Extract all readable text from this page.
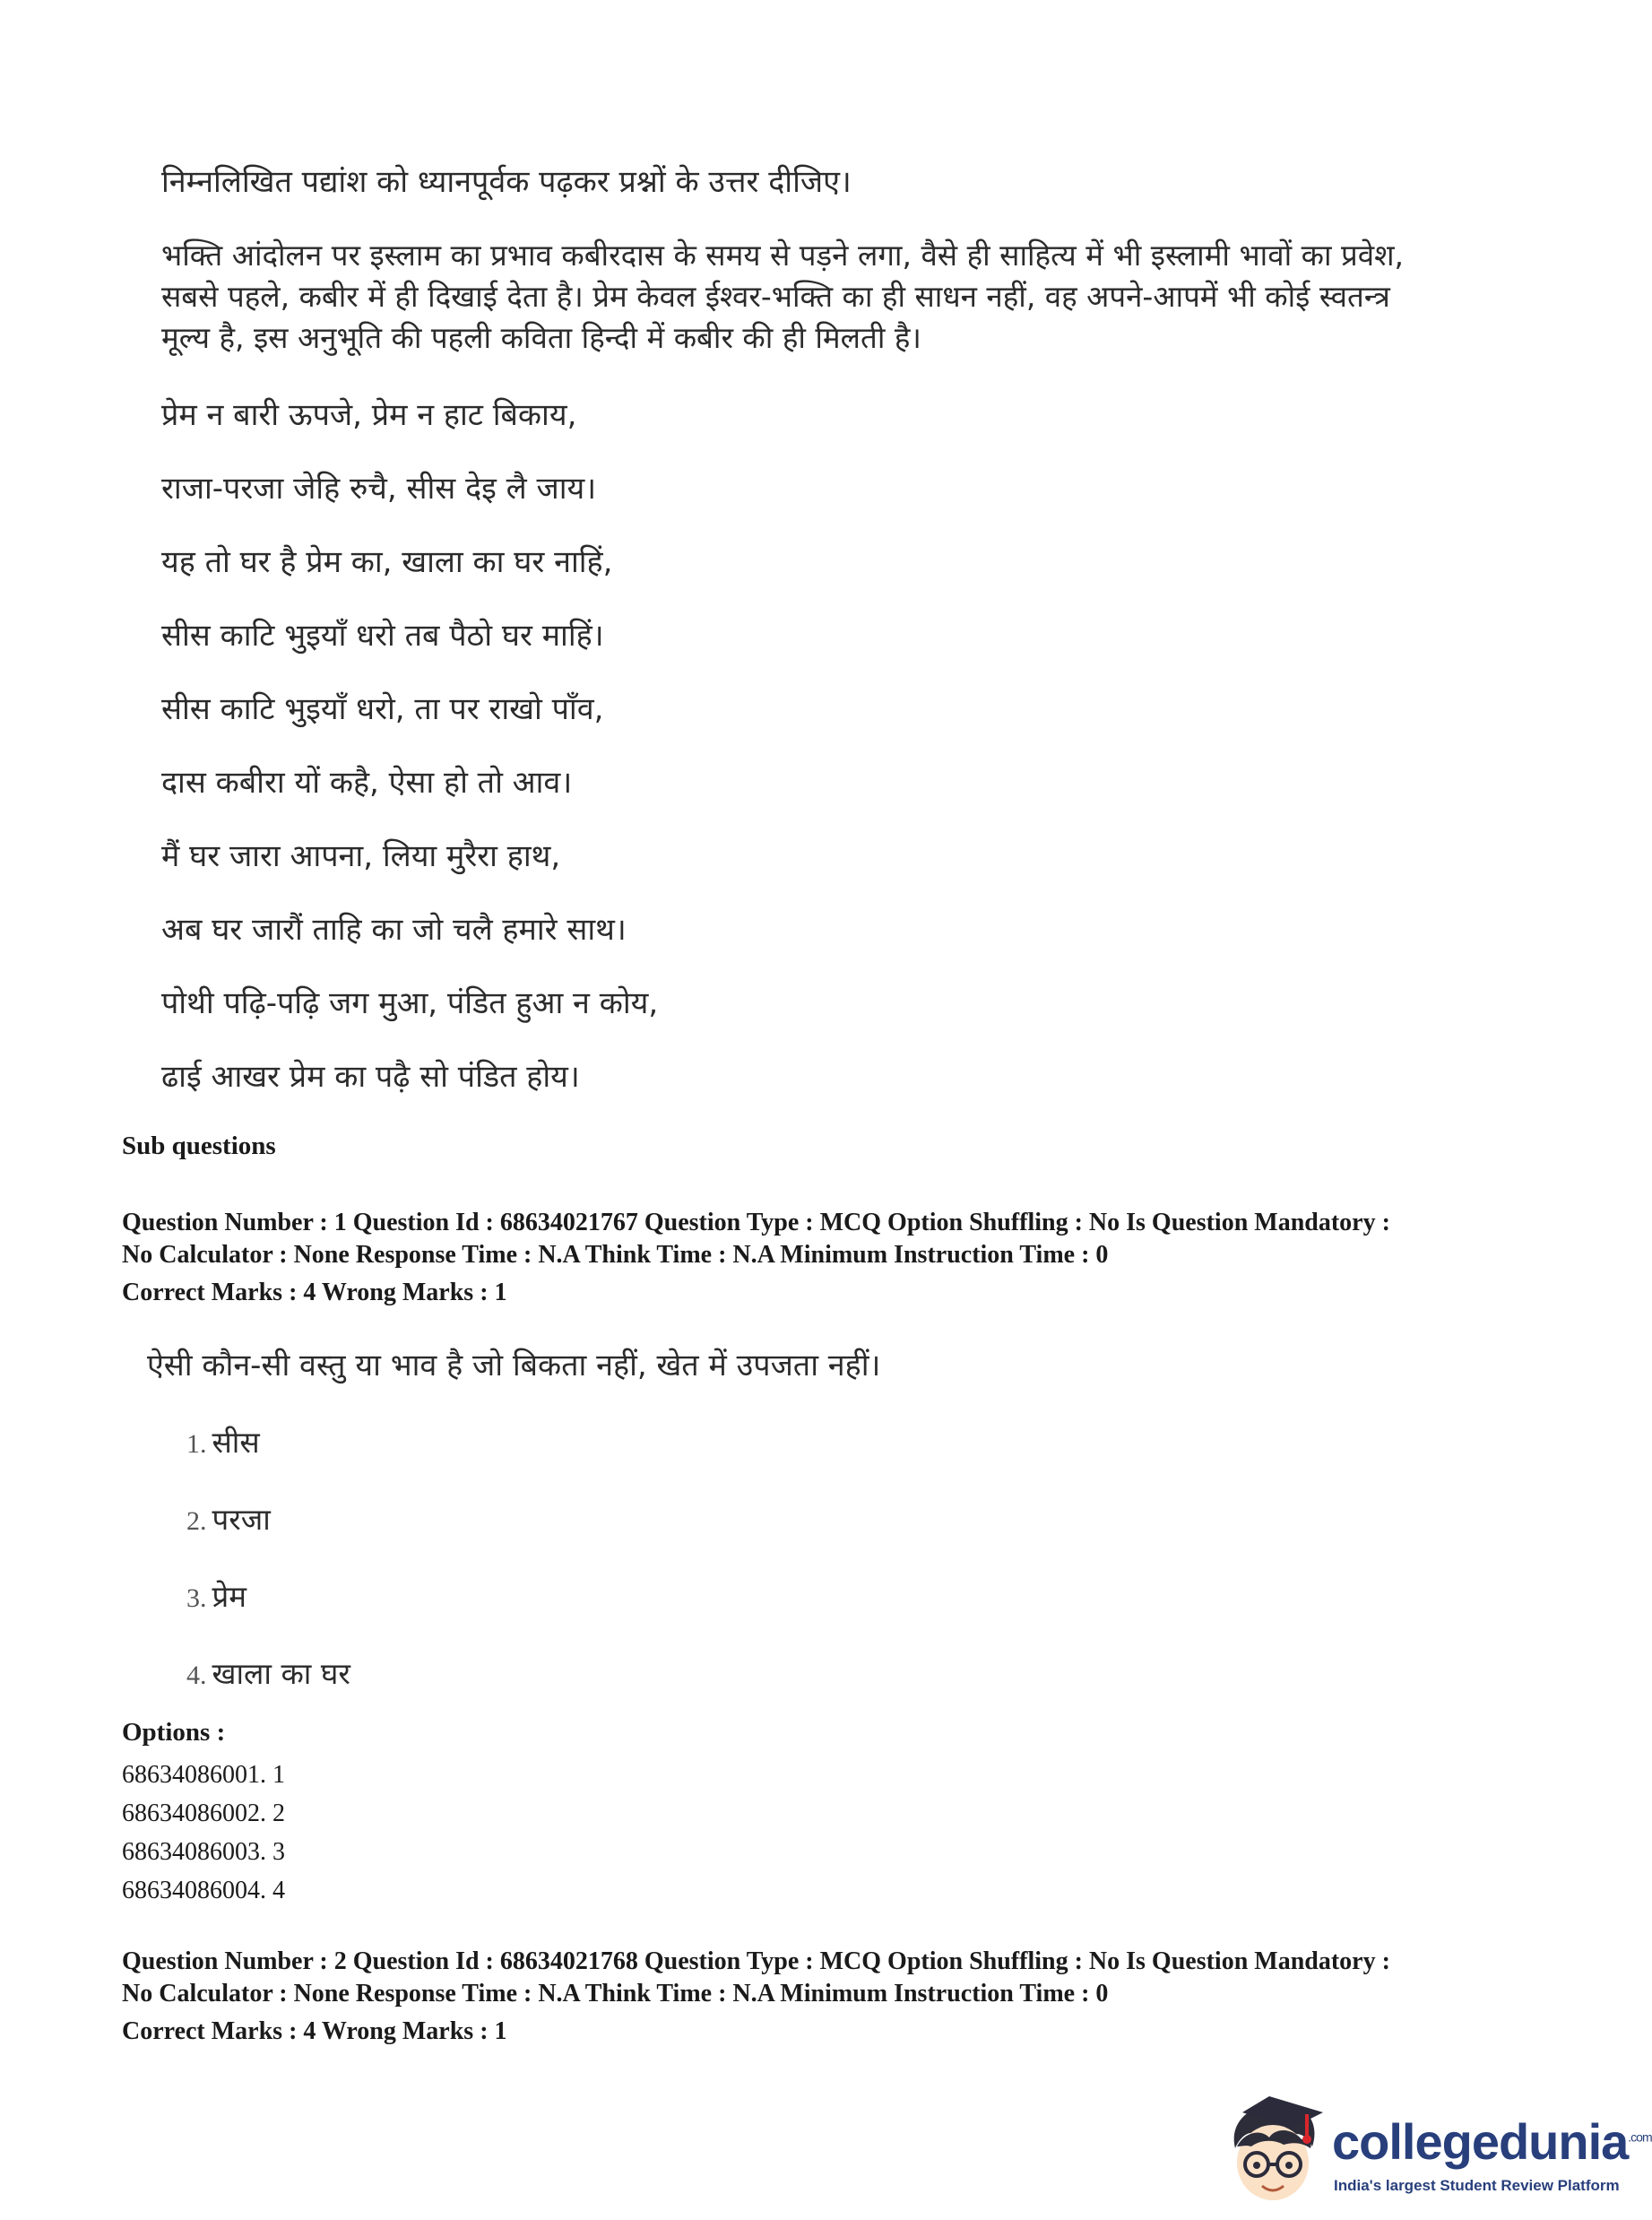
निम्नलिखित पद्यांश को ध्यानपूर्वक पढ़कर प्रश्नों के उत्तर दीजिए।
भक्ति आंदोलन पर इस्लाम का प्रभाव कबीरदास के समय से पड़ने लगा, वैसे ही साहित्य में भी इस्लामी भावों का प्रवेश,
सबसे पहले, कबीर में ही दिखाई देता है। प्रेम केवल ईश्वर-भक्ति का ही साधन नहीं, वह अपने-आपमें भी कोई स्वतन्त्र
मूल्य है, इस अनुभूति की पहली कविता हिन्दी में कबीर की ही मिलती है।
प्रेम न बारी ऊपजे, प्रेम न हाट बिकाय,
राजा-परजा जेहि रुचै, सीस देइ लै जाय।
यह तो घर है प्रेम का, खाला का घर नाहिं,
सीस काटि भुइयाँ धरो तब पैठो घर माहिं।
सीस काटि भुइयाँ धरो, ता पर राखो पाँव,
दास कबीरा यों कहै, ऐसा हो तो आव।
मैं घर जारा आपना, लिया मुरैरा हाथ,
अब घर जारौं ताहि का जो चलै हमारे साथ।
पोथी पढ़ि-पढ़ि जग मुआ, पंडित हुआ न कोय,
ढाई आखर प्रेम का पढ़ै सो पंडित होय।
Sub questions
Question Number : 1 Question Id : 68634021767 Question Type : MCQ Option Shuffling : No Is Question Mandatory :
No Calculator : None Response Time : N.A Think Time : N.A Minimum Instruction Time : 0
Correct Marks : 4 Wrong Marks : 1
ऐसी कौन-सी वस्तु या भाव है जो बिकता नहीं, खेत में उपजता नहीं।
1. सीस
2. परजा
3. प्रेम
4. खाला का घर
Options :
68634086001. 1
68634086002. 2
68634086003. 3
68634086004. 4
Question Number : 2 Question Id : 68634021768 Question Type : MCQ Option Shuffling : No Is Question Mandatory :
No Calculator : None Response Time : N.A Think Time : N.A Minimum Instruction Time : 0
Correct Marks : 4 Wrong Marks : 1
collegedunia$^{.com}$
India's largest Student Review Platform
